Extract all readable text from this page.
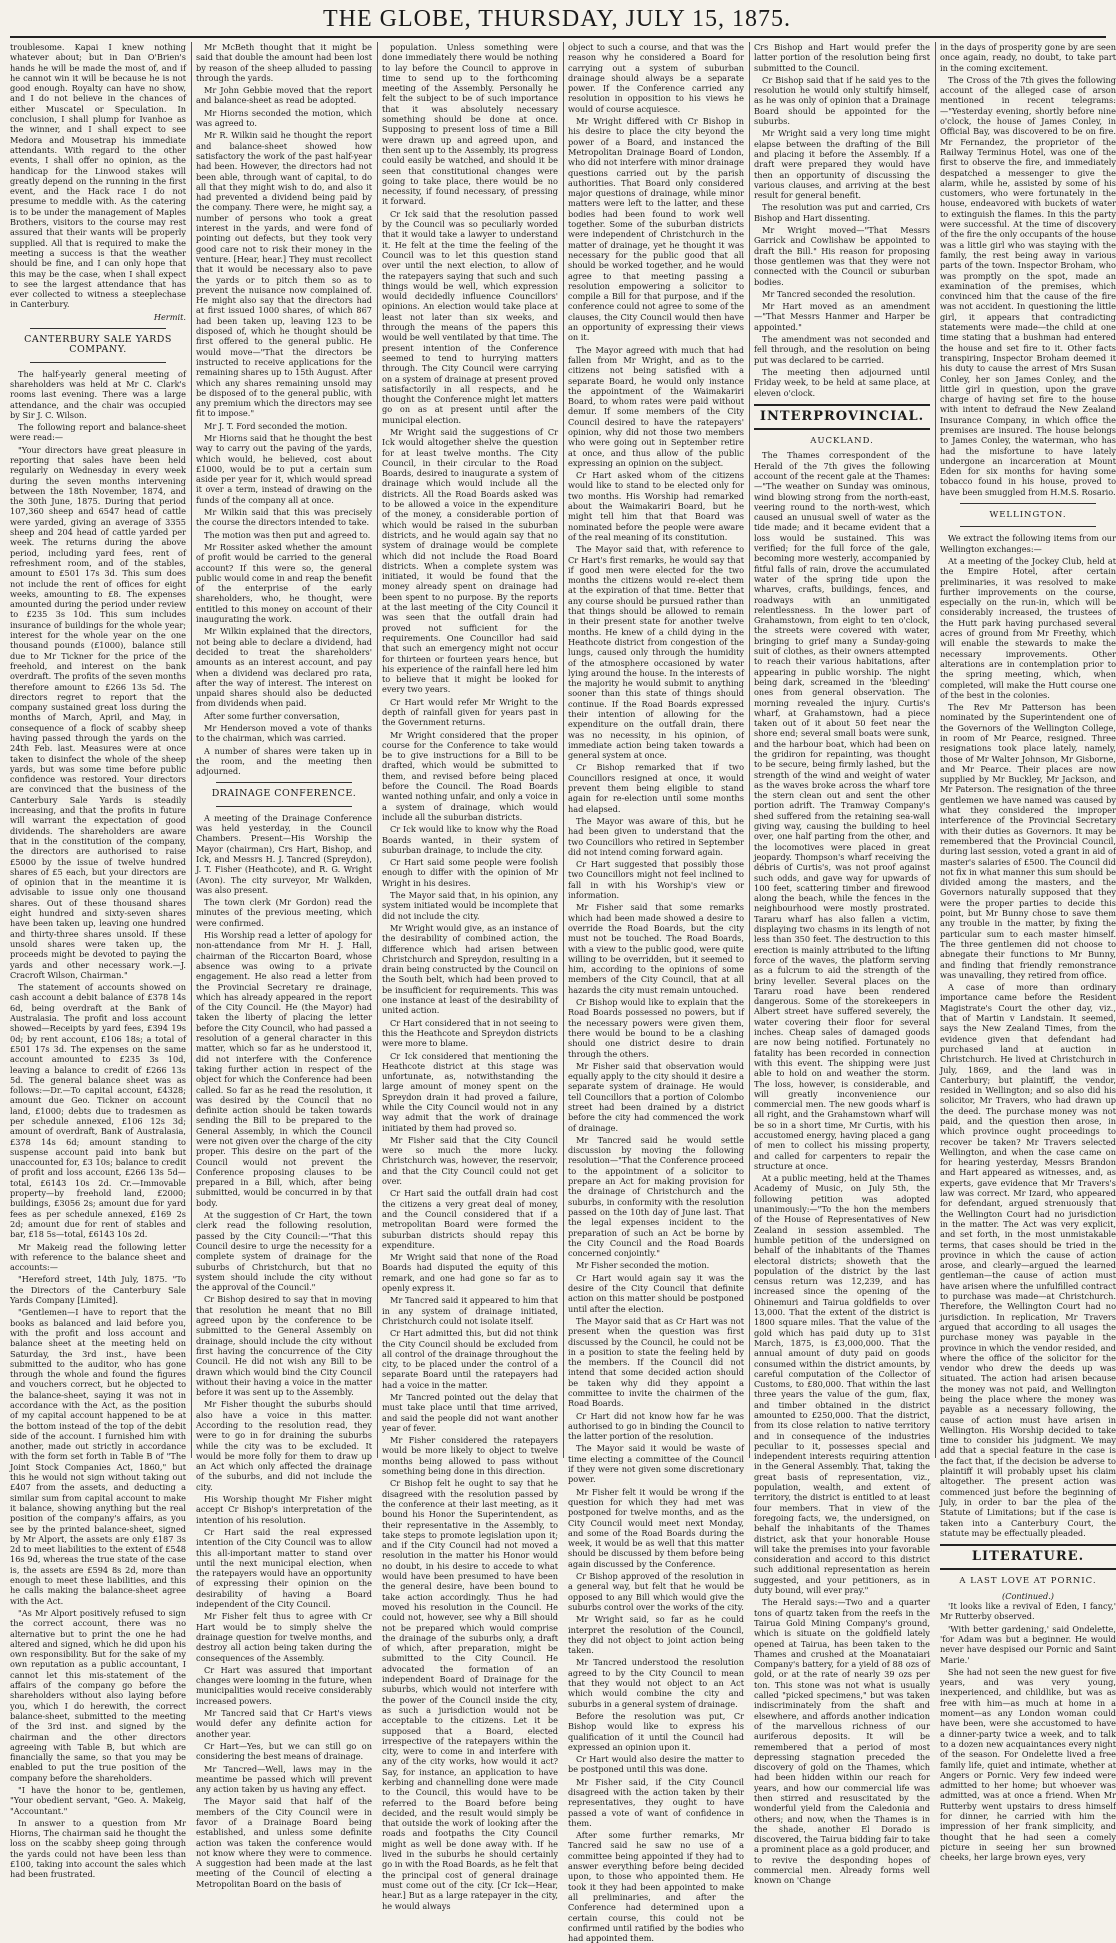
THE GLOBE, THURSDAY, JULY 15, 1875.

troublesome. Kapai I knew nothing whatever about; but in Dan O'Brien's hands he will be made the most of, and if he cannot win it will be because he is not good enough. Royalty can have no show, and I do not believe in the chances of either Muscatel or Speculation. In conclusion, I shall plump for Ivanhoe as the winner, and I shall expect to see Medora and Mousetrap his immediate attendants. With regard to the other events, I shall offer no opinion, as the handicap for the Linwood stakes will greatly depend on the running in the first event, and the Hack race I do not presume to meddle with. As the catering is to be under the management of Maples Brothers, visitors to the course may rest assured that their wants will be properly supplied. All that is required to make the meeting a success is that the weather should be fine, and I can only hope that this may be the case, when I shall expect to see the largest attendance that has ever collected to witness a steeplechase in Canterbury.

Hermit.
CANTERBURY SALE YARDS COMPANY.

The half-yearly general meeting of shareholders was held at Mr C. Clark's rooms last evening. There was a large attendance, and the chair was occupied by Sir J. C. Wilson.

The following report and balance-sheet were read:—

"Your directors have great pleasure in reporting that sales have been held regularly on Wednesday in every week during the seven months intervening between the 18th November, 1874, and the 30th June, 1875. During that period 107,360 sheep and 6547 head of cattle were yarded, giving an average of 3355 sheep and 204 head of cattle yarded per week. The returns during the above period, including yard fees, rent of refreshment room, and of the stables, amount to £501 17s 3d. This sum does not include the rent of offices for eight weeks, amounting to £8. The expenses amounted during the period under review to £235 3s 10d. This sum includes insurance of buildings for the whole year; interest for the whole year on the one thousand pounds (£1000), balance still due to Mr Tickner for the price of the freehold, and interest on the bank overdraft. The profits of the seven months therefore amount to £266 13s 5d. The directors regret to report that the company sustained great loss during the months of March, April, and May, in consequence of a flock of scabby sheep having passed through the yards on the 24th Feb. last. Measures were at once taken to disinfect the whole of the sheep yards, but was some time before public confidence was restored. Your directors are convinced that the business of the Canterbury Sale Yards is steadily increasing, and that the profits in future will warrant the expectation of good dividends. The shareholders are aware that in the constitution of the company, the directors are authorised to raise £5000 by the issue of twelve hundred shares of £5 each, but your directors are of opinion that in the meantime it is advisable to issue only one thousand shares. Out of these thousand shares eight hundred and sixty-seven shares have been taken up, leaving one hundred and thirty-three shares unsold. If these unsold shares were taken up, the proceeds might be devoted to paying the yards and other necessary work.—J. Cracroft Wilson, Chairman."

The statement of accounts showed on cash account a debit balance of £378 14s 6d, being overdraft at the Bank of Australasia. The profit and loss account showed—Receipts by yard fees, £394 19s 0d; by rent account, £106 18s; a total of £501 17s 3d. The expenses on the same account amounted to £235 3s 10d, leaving a balance to credit of £266 13s 5d. The general balance sheet was as follows:—Dr.—To capital account, £4328; amount due Geo. Tickner on account land, £1000; debts due to tradesmen as per schedule annexed, £106 12s 3d; amount of overdraft, Bank of Australasia, £378 14s 6d; amount standing to suspense account paid into bank but unaccounted for, £3 10s; balance to credit of profit and loss account, £266 13s 5d—total, £6143 10s 2d. Cr.—Immovable property—by freehold land, £2000; buildings, £3056 2s; amount due for yard fees as per schedule annexed, £169 2s 2d; amount due for rent of stables and bar, £18 5s—total, £6143 10s 2d.

Mr Makeig read the following letter with reference to the balance sheet and accounts:—

"Hereford street, 14th July, 1875. "To the Directors of the Canterbury Sale Yards Company [Limited].

"Gentlemen—I have to report that the books as balanced and laid before you, with the profit and loss account and balance sheet at the meeting held on Saturday, the 3rd inst., have been submitted to the auditor, who has gone through the whole and found the figures and vouchers correct, but he objected to the balance-sheet, saying it was not in accordance with the Act, as the position of my capital account happened to be at the bottom instead of the top of the debit side of the account. I furnished him with another, made out strictly in accordance with the form set forth in Table B of "The Joint Stock Companies Act, 1860," but this he would not sign without taking out £407 from the assets, and deducting a similar sum from capital account to make it balance, showing anything but the real position of the company's affairs, as you see by the printed balance-sheet, signed by Mr Alport, the assets are only £187 3s 2d to meet liabilities to the extent of £548 16s 9d, whereas the true state of the case is, the assets are £594 8s 2d, more than enough to meet these liabilities, and this he calls making the balance-sheet agree with the Act.

"As Mr Alport positively refused to sign the correct account, there was no alternative but to print the one he had altered and signed, which he did upon his own responsibility. But for the sake of my own reputation as a public accountant, I cannot let this mis-statement of the affairs of the company go before the shareholders without also laying before you, which I do herewith, the correct balance-sheet, submitted to the meeting of the 3rd inst. and signed by the chairman and the other directors agreeing with Table B, but which are financially the same, so that you may be enabled to put the true position of the company before the shareholders.

"I have the honor to be, gentlemen, "Your obedient servant, "Geo. A. Makeig, "Accountant."

In answer to a question from Mr Hiorns, The chairman said he thought the loss on the scabby sheep going through the yards could not have been less than £100, taking into account the sales which had been frustrated.

Mr McBeth thought that it might be said that double the amount had been lost by reason of the sheep alluded to passing through the yards.

Mr John Gebbie moved that the report and balance-sheet as read be adopted.

Mr Hiorns seconded the motion, which was agreed to.

Mr R. Wilkin said he thought the report and balance-sheet showed how satisfactory the work of the past half-year had been. However, the directors had not been able, through want of capital, to do all that they might wish to do, and also it had prevented a dividend being paid by the company. There were, he might say, a number of persons who took a great interest in the yards, and were fond of pointing out defects, but they took very good care not to risk their money in the venture. [Hear, hear.] They must recollect that it would be necessary also to pave the yards or to pitch them so as to prevent the nuisance now complained of. He might also say that the directors had at first issued 1000 shares, of which 867 had been taken up, leaving 123 to be disposed of, which he thought should be first offered to the general public. He would move—"That the directors be instructed to receive applications for the remaining shares up to 15th August. After which any shares remaining unsold may be disposed of to the general public, with any premium which the directors may see fit to impose."

Mr J. T. Ford seconded the motion.

Mr Hiorns said that he thought the best way to carry out the paving of the yards, which would, he believed, cost about £1000, would be to put a certain sum aside per year for it, which would spread it over a term, instead of drawing on the funds of the company all at once.

Mr Wilkin said that this was precisely the course the directors intended to take.

The motion was then put and agreed to.

Mr Rossiter asked whether the amount of profit would be carried to the general account? If this were so, the general public would come in and reap the benefit of the enterprise of the early shareholders, who, he thought, were entitled to this money on account of their inaugurating the work.

Mr Wilkin explained that the directors, not being able to declare a dividend, had decided to treat the shareholders' amounts as an interest account, and pay when a dividend was declared pro rata, after the way of interest. The interest on unpaid shares should also be deducted from dividends when paid.

After some further conversation,

Mr Henderson moved a vote of thanks to the chairman, which was carried.

A number of shares were taken up in the room, and the meeting then adjourned.

DRAINAGE CONFERENCE.

A meeting of the Drainage Conference was held yesterday, in the Council Chambers. Present—His Worship the Mayor (chairman), Crs Hart, Bishop, and Ick, and Messrs H. J. Tancred (Spreydon), J. T. Fisher (Heathcote), and R. G. Wright (Avon). The city surveyor, Mr Walkden, was also present.

The town clerk (Mr Gordon) read the minutes of the previous meeting, which were confirmed.

His Worship read a letter of apology for non-attendance from Mr H. J. Hall, chairman of the Riccarton Board, whose absence was owing to a private engagement. He also read a letter from the Provincial Secretary re drainage, which has already appeared in the report of the City Council. He (the Mayor) had taken the liberty of placing the letter before the City Council, who had passed a resolution of a general character in this matter, which so far as he understood it, did not interfere with the Conference taking further action in respect of the object for which the Conference had been called. So far as he read the resolution, it was desired by the Council that no definite action should be taken towards sending the Bill to be prepared to the General Assembly, in which the Council were not given over the charge of the city proper. This desire on the part of the Council would not prevent the Conference proposing clauses to be prepared in a Bill, which, after being submitted, would be concurred in by that body.

At the suggestion of Cr Hart, the town clerk read the following resolution, passed by the City Council:—"That this Council desire to urge the necessity for a complete system of drainage for the suburbs of Christchurch, but that no system should include the city without the approval of the Council."

Cr Bishop desired to say that in moving that resolution he meant that no Bill agreed upon by the conference to be submitted to the General Assembly on drainage, should include the city without first having the concurrence of the City Council. He did not wish any Bill to be drawn which would bind the City Council without their having a voice in the matter before it was sent up to the Assembly.

Mr Fisher thought the suburbs should also have a voice in this matter. According to the resolution read, they were to go in for draining the suburbs while the city was to be excluded. It would be more folly for them to draw up an Act which only affected the drainage of the suburbs, and did not include the city.

His Worship thought Mr Fisher might accept Cr Bishop's interpretation of the intention of his resolution.

Cr Hart said the real expressed intention of the City Council was to allow this all-important matter to stand over until the next municipal election, when the ratepayers would have an opportunity of expressing their opinion on the desirability of having a Board independent of the City Council.

Mr Fisher felt thus to agree with Cr Hart would be to simply shelve the drainage question for twelve months, and destroy all action being taken during the consequences of the Assembly.

Cr Hart was assured that important changes were looming in the future, when municipalities would receive considerably increased powers.

Mr Tancred said that Cr Hart's views would defer any definite action for another year.

Cr Hart—Yes, but we can still go on considering the best means of drainage.

Mr Tancred—Well, laws may in the meantime be passed which will prevent any action taken by us having any effect.

The Mayor said that half of the members of the City Council were in favor of a Drainage Board being established, and unless some definite action was taken the conference would not know where they were to commence. A suggestion had been made at the last meeting of the Council of electing a Metropolitan Board on the basis of

population. Unless something were done immediately there would be nothing to lay before the Council to approve in time to send up to the forthcoming meeting of the Assembly. Personally he felt the subject to be of such importance that it was absolutely necessary something should be done at once. Supposing to present loss of time a Bill were drawn up and agreed upon, and then sent up to the Assembly, its progress could easily be watched, and should it be seen that constitutional changes were going to take place, there would be no necessity, if found necessary, of pressing it forward.

Cr Ick said that the resolution passed by the Council was so peculiarly worded that it would take a lawyer to understand it. He felt at the time the feeling of the Council was to let this question stand over until the next election, to allow of the ratepayers saying that such and such things would be well, which expression would decidedly influence Councillors' opinions. An election would take place at least not later than six weeks, and through the means of the papers this would be well ventilated by that time. The present intention of the Conference seemed to tend to hurrying matters through. The City Council were carrying on a system of drainage at present proved satisfactorily in all respects, and he thought the Conference might let matters go on as at present until after the municipal election.

Mr Wright said the suggestions of Cr Ick would altogether shelve the question for at least twelve months. The City Council, in their circular to the Road Boards, desired to inaugurate a system of drainage which would include all the districts. All the Road Boards asked was to be allowed a voice in the expenditure of the money, a considerable portion of which would be raised in the suburban districts, and he would again say that no system of drainage would be complete which did not include the Road Board districts. When a complete system was initiated, it would be found that the money already spent on drainage had been spent to no purpose. By the reports at the last meeting of the City Council it was seen that the outfall drain had proved not sufficient for the requirements. One Councillor had said that such an emergency might not occur for thirteen or fourteen years hence, but his experience of the rainfall here led him to believe that it might be looked for every two years.

Cr Hart would refer Mr Wright to the depth of rainfall given for years past in the Government returns.

Mr Wright considered that the proper course for the Conference to take would be to give instructions for a Bill to be drafted, which would be submitted to them, and revised before being placed before the Council. The Road Boards wanted nothing unfair, and only a voice in a system of drainage, which would include all the suburban districts.

Cr Ick would like to know why the Road Boards wanted, in their system of suburban drainage, to include the city.

Cr Hart said some people were foolish enough to differ with the opinion of Mr Wright in his desires.

The Mayor said that, in his opinion, any system initiated would be incomplete that did not include the city.

Mr Wright would give, as an instance of the desirability of combined action, the difference which had arisen between Christchurch and Spreydon, resulting in a drain being constructed by the Council on the South belt, which had been proved to be insufficient for requirements. This was one instance at least of the desirability of united action.

Cr Hart considered that in not seeing to this the Heathcote and Spreydon districts were more to blame.

Cr Ick considered that mentioning the Heathcote district at this stage was unfortunate, as, notwithstanding the large amount of money spent on the Spreydon drain it had proved a failure, while the City Council would not in any way admit that the work of drainage initiated by them had proved so.

Mr Fisher said that the City Council were so much the more lucky. Christchurch was, however, the reservoir, and that the City Council could not get over.

Cr Hart said the outfall drain had cost the citizens a very great deal of money, and the Council considered that if a metropolitan Board were formed the suburban districts should repay this expenditure.

Mr Wright said that none of the Road Boards had disputed the equity of this remark, and one had gone so far as to openly express it.

Mr Tancred said it appeared to him that in any system of drainage initiated, Christchurch could not isolate itself.

Cr Hart admitted this, but did not think the City Council should be excluded from all control of the drainage throughout the city, to be placed under the control of a separate Board until the ratepayers had had a voice in the matter.

Mr Tancred pointed out the delay that must take place until that time arrived, and said the people did not want another year of fever.

Mr Fisher considered the ratepayers would be more likely to object to twelve months being allowed to pass without something being done in this direction.

Cr Bishop felt he ought to say that he disagreed with the resolution passed by the conference at their last meeting, as it bound his Honor the Superintendent, as their representative in the Assembly, to take steps to promote legislation upon it; and if the City Council had not moved a resolution in the matter his Honor would no doubt, in his desire to accede to what would have been presumed to have been the general desire, have been bound to take action accordingly. Thus he had moved his resolution in the Council. He could not, however, see why a Bill should not be prepared which would comprise the drainage of the suburbs only, a draft of which, after preparation, might be submitted to the City Council. He advocated the formation of an independent Board of Drainage for the suburbs, which would not interfere with the power of the Council inside the city, as such a jurisdiction would not be acceptable to the citizens. Let it be supposed that a Board, elected irrespective of the ratepayers within the city, were to come in and interfere with any of the city works, how would it act? Say, for instance, an application to have kerbing and channelling done were made to the Council, this would have to be referred to the Board before being decided, and the result would simply be that outside the work of looking after the roads and footpaths the City Council might as well be done away with. If he lived in the suburbs he should certainly go in with the Road Boards, as he felt that the principal cost of general drainage must come out of the city. [Cr Ick—Hear, hear.] But as a large ratepayer in the city, he would always

object to such a course, and that was the reason why he considered a Board for carrying out a system of suburban drainage should always be a separate power. If the Conference carried any resolution in opposition to his views he would of course acquiesce.

Mr Wright differed with Cr Bishop in his desire to place the city beyond the power of a Board, and instanced the Metropolitan Drainage Board of London, who did not interfere with minor drainage questions carried out by the parish authorities. That Board only considered major questions of drainage, while minor matters were left to the latter, and these bodies had been found to work well together. Some of the suburban districts were independent of Christchurch in the matter of drainage, yet he thought it was necessary for the public good that all should be worked together, and he would agree to that meeting passing a resolution empowering a solicitor to compile a Bill for that purpose, and if the conference could not agree to some of the clauses, the City Council would then have an opportunity of expressing their views on it.

The Mayor agreed with much that had fallen from Mr Wright, and as to the citizens not being satisfied with a separate Board, he would only instance the appointment of the Waimakariri Board, to whom rates were paid without demur. If some members of the City Council desired to have the ratepayers' opinion, why did not those two members who were going out in September retire at once, and thus allow of the public expressing an opinion on the subject.

Cr Hart asked whom of the citizens would like to stand to be elected only for two months. His Worship had remarked about the Waimakariri Board, but he might tell him that that Board was nominated before the people were aware of the real meaning of its constitution.

The Mayor said that, with reference to Cr Hart's first remarks, he would say that if good men were elected for the two months the citizens would re-elect them at the expiration of that time. Better that any course should be pursued rather than that things should be allowed to remain in their present state for another twelve months. He knew of a child dying in the Heathcote district from congestion of the lungs, caused only through the humidity of the atmosphere occasioned by water lying around the house. In the interests of the majority he would submit to anything sooner than this state of things should continue. If the Road Boards expressed their intention of allowing for the expenditure on the outfall drain, there was no necessity, in his opinion, of immediate action being taken towards a general system at once.

Cr Bishop remarked that if two Councillors resigned at once, it would prevent them being eligible to stand again for re-election until some months had elapsed.

The Mayor was aware of this, but he had been given to understand that the two Councillors who retired in September did not intend coming forward again.

Cr Hart suggested that possibly those two Councillors might not feel inclined to fall in with his Worship's view or information.

Mr Fisher said that some remarks which had been made showed a desire to override the Road Boards, but the city must not be touched. The Road Boards, with a view to the public good, were quite willing to be overridden, but it seemed to him, according to the opinions of some members of the City Council, that at all hazards the city must remain untouched.

Cr Bishop would like to explain that the Road Boards possessed no powers, but if the necessary powers were given them, there would be bound to be a clashing should one district desire to drain through the others.

Mr Fisher said that observation would equally apply to the city should it desire a separate system of drainage. He would tell Councillors that a portion of Colombo street had been drained by a district before the city had commenced the work of drainage.

Mr Tancred said he would settle discussion by moving the following resolution—"That the Conference proceed to the appointment of a solicitor to prepare an Act for making provision for the drainage of Christchurch and the suburbs, in conformity with the resolution passed on the 10th day of June last. That the legal expenses incident to the preparation of such an Act be borne by the City Council and the Road Boards concerned conjointly."

Mr Fisher seconded the motion.

Cr Hart would again say it was the desire of the City Council that definite action on this matter should be postponed until after the election.

The Mayor said that as Cr Hart was not present when the question was first discussed by the Council, he could not be in a position to state the feeling held by the members. If the Council did not intend that some decided action should be taken why did they appoint a committee to invite the chairmen of the Road Boards.

Cr Hart did not know how far he was authorised to go in binding the Council to the latter portion of the resolution.

The Mayor said it would be waste of time electing a committee of the Council if they were not given some discretionary power.

Mr Fisher felt it would be wrong if the question for which they had met was postponed for twelve months, and as the City Council would meet next Monday, and some of the Road Boards during the week, it would be as well that this matter should be discussed by them before being again discussed by the Conference.

Cr Bishop approved of the resolution in a general way, but felt that he would be opposed to any Bill which would give the suburbs control over the works of the city.

Mr Wright said, so far as he could interpret the resolution of the Council, they did not object to joint action being taken.

Mr Tancred understood the resolution agreed to by the City Council to mean that they would not object to an Act which would combine the city and suburbs in a general system of drainage.

Before the resolution was put, Cr Bishop would like to express his qualification of it until the Council had expressed an opinion upon it.

Cr Hart would also desire the matter to be postponed until this was done.

Mr Fisher said, if the City Council disagreed with the action taken by their representatives, they ought to have passed a vote of want of confidence in them.

After some further remarks, Mr Tancred said he saw no use of a committee being appointed if they had to answer everything before being decided upon, to those who appointed them. He took it they had been appointed to make all preliminaries, and after the Conference had determined upon a certain course, this could not be confirmed until ratified by the bodies who had appointed them.

Crs Bishop and Hart would prefer the latter portion of the resolution being first submitted to the Council.

Cr Bishop said that if he said yes to the resolution he would only stultify himself, as he was only of opinion that a Drainage Board should be appointed for the suburbs.

Mr Wright said a very long time might elapse between the drafting of the Bill and placing it before the Assembly. If a draft were prepared they would have then an opportunity of discussing the various clauses, and arriving at the best result for general benefit.

The resolution was put and carried, Crs Bishop and Hart dissenting.

Mr Wright moved—"That Messrs Garrick and Cowlishaw be appointed to draft the Bill." His reason for proposing those gentlemen was that they were not connected with the Council or suburban bodies.

Mr Tancred seconded the resolution.

Mr Hart moved as an amendment—"That Messrs Hanmer and Harper be appointed."

The amendment was not seconded and fell through, and the resolution on being put was declared to be carried.

The meeting then adjourned until Friday week, to be held at same place, at eleven o'clock.

INTERPROVINCIAL.
AUCKLAND.

The Thames correspondent of the Herald of the 7th gives the following account of the recent gale at the Thames:—"The weather on Sunday was ominous, wind blowing strong from the north-east, veering round to the north-west, which caused an unusual swell of water as the tide made; and it became evident that a loss would be sustained. This was verified; for the full force of the gale, becoming more westerly, accompanied by fitful falls of rain, drove the accumulated water of the spring tide upon the wharves, crafts, buildings, fences, and roadways with an unmitigated relentlessness. In the lower part of Grahamstown, from eight to ten o'clock, the streets were covered with water, bringing to grief many a Sunday-going suit of clothes, as their owners attempted to reach their various habitations, after appearing in public worship. The night being dark, screamed in the 'bleeding' ones from general observation. The morning revealed the injury. Curtis's wharf, at Grahamstown, had a piece taken out of it about 50 feet near the shore end; several small boats were sunk, and the harbour boat, which had been on the gridiron for repainting, was thought to be secure, being firmly lashed, but the strength of the wind and weight of water as the waves broke across the wharf tore the stern clean out and sent the other portion adrift. The Tramway Company's shed suffered from the retaining sea-wall giving way, causing the building to heel over, one half parting from the other, and the locomotives were placed in great jeopardy. Thompson's wharf receiving the débris of Curtis's, was not proof against such odds, and gave way for upwards of 100 feet, scattering timber and firewood along the beach, while the fences in the neighbourhood were mostly prostrated. Tararu wharf has also fallen a victim, displaying two chasms in its length of not less than 350 feet. The destruction to this erection is mainly attributed to the lifting force of the waves, the platform serving as a fulcrum to aid the strength of the briny leveller. Several places on the Tararu road have been rendered dangerous. Some of the storekeepers in Albert street have suffered severely, the water covering their floor for several inches. Cheap sales of damaged goods are now being notified. Fortunately no fatality has been recorded in connection with this event. The shipping were just able to hold on and weather the storm. The loss, however, is considerable, and will greatly inconvenience our commercial men. The new goods wharf is all right, and the Grahamstown wharf will be so in a short time, Mr Curtis, with his accustomed energy, having placed a gang of men to collect his missing property, and called for carpenters to repair the structure at once.

At a public meeting, held at the Thames Academy of Music, on July 5th, the following petition was adopted unanimously:—"To the hon the members of the House of Representatives of New Zealand in session assembled. The humble petition of the undersigned on behalf of the inhabitants of the Thames electoral districts; showeth that the population of the district by the last census return was 12,239, and has increased since the opening of the Ohinemuri and Tairua goldfields to over 13,000. That the extent of the district is 1800 square miles. That the value of the gold which has paid duty up to 31st March, 1875, is £3,000,000. That the annual amount of duty paid on goods consumed within the district amounts, by careful computation of the Collector of Customs, to £80,000. That within the last three years the value of the gum, flax, and timber obtained in the district amounted to £250,000. That the district, from its close relation to native territory and in consequence of the industries peculiar to it, possesses special and independent interests requiring attention in the General Assembly. That, taking the great basis of representation, viz., population, wealth, and extent of territory, the district is entitled to at least four members. That in view of the foregoing facts, we, the undersigned, on behalf the inhabitants of the Thames district, ask that your honorable House will take the premises into your favorable consideration and accord to this district such additional representation as herein suggested, and your petitioners, as in duty bound, will ever pray."

The Herald says:—Two and a quarter tons of quartz taken from the reefs in the Tairua Gold Mining Company's ground, which is situate on the goldfield lately opened at Tairua, has been taken to the Thames and crushed at the Moanataiari Company's battery, for a yield of 88 ozs of gold, or at the rate of nearly 39 ozs per ton. This stone was not what is usually called "picked specimens," but was taken indiscriminately from the shaft and elsewhere, and affords another indication of the marvellous richness of our auriferous deposits. It will be remembered that a period of most depressing stagnation preceded the discovery of gold on the Thames, which had been hidden within our reach for years, and how our commercial life was then stirred and resuscitated by the wonderful yield from the Caledonia and others; and now, when the Thames is in the shade, another El Dorado is discovered, the Tairua bidding fair to take a prominent place as a gold producer, and to revive the desponding hopes of commercial men. Already forms well known on 'Change

in the days of prosperity gone by are seen once again, ready, no doubt, to take part in the coming excitement.

The Cross of the 7th gives the following account of the alleged case of arson mentioned in recent telegrams:—"Yesterday evening, shortly before nine o'clock, the house of James Conley, in Official Bay, was discovered to be on fire. Mr Fernandez, the proprietor of the Railway Terminus Hotel, was one of the first to observe the fire, and immediately despatched a messenger to give the alarm, while he, assisted by some of his customers, who were fortunately in the house, endeavored with buckets of water to extinguish the flames. In this the party were successful. At the time of discovery of the fire the only occupants of the house was a little girl who was staying with the family, the rest being away in various parts of the town. Inspector Broham, who was promptly on the spot, made an examination of the premises, which convinced him that the cause of the fire was not accident. In questioning the little girl, it appears that contradicting statements were made—the child at one time stating that a bushman had entered the house and set fire to it. Other facts transpiring, Inspector Broham deemed it his duty to cause the arrest of Mrs Susan Conley, her son James Conley, and the little girl in question, upon the grave charge of having set fire to the house with intent to defraud the New Zealand Insurance Company, in which office the premises are insured. The house belongs to James Conley, the waterman, who has had the misfortune to have lately undergone an incarceration at Mount Eden for six months for having some tobacco found in his house, proved to have been smuggled from H.M.S. Rosario.

WELLINGTON.

We extract the following items from our Wellington exchanges:—

At a meeting of the Jockey Club, held at the Empire Hotel, after certain preliminaries, it was resolved to make further improvements on the course, especially on the run-in, which will be considerably increased, the trustees of the Hutt park having purchased several acres of ground from Mr Freethy, which will enable the stewards to make the necessary improvements. Other alterations are in contemplation prior to the spring meeting, which, when completed, will make the Hutt course one of the best in the colonies.

The Rev Mr Patterson has been nominated by the Superintendent one of the Governors of the Wellington College, in room of Mr Pearce, resigned. Three resignations took place lately, namely, those of Mr Walter Johnson, Mr Gisborne, and Mr Pearce. Their places are now supplied by Mr Buckley, Mr Jackson, and Mr Paterson. The resignation of the three gentlemen we have named was caused by what they considered the improper interference of the Provincial Secretary with their duties as Governors. It may be remembered that the Provincial Council, during last session, voted a grant in aid of master's salaries of £500. The Council did not fix in what manner this sum should be divided among the masters, and the Governors naturally supposed that they were the proper parties to decide this point, but Mr Bunny chose to save them any trouble in the matter, by fixing the particular sum to each master himself. The three gentlemen did not choose to abnegate their functions to Mr Bunny, and finding that friendly remonstrance was unavailing, they retired from office.

A case of more than ordinary importance came before the Resident Magistrate's Court the other day, viz., that of Martin v Landstain. It seemed, says the New Zealand Times, from the evidence given that defendant had purchased land at auction in Christchurch. He lived at Christchurch in July, 1869, and the land was in Canterbury; but plaintiff, the vendor, resided in Wellington; and so also did his solicitor, Mr Travers, who had drawn up the deed. The purchase money was not paid, and the question then arose, in which province ought proceedings to recover be taken? Mr Travers selected Wellington, and when the case came on for hearing yesterday, Messrs Brandon and Hart appeared as witnesses, and, as experts, gave evidence that Mr Travers's law was correct. Mr Izard, who appeared for defendant, argued strenuously that the Wellington Court had no jurisdiction in the matter. The Act was very explicit, and set forth, in the most unmistakable terms, that cases should be tried in the province in which the cause of action arose, and clearly—argued the learned gentleman—the cause of action must have arisen where the unfulfilled contract to purchase was made—at Christchurch. Therefore, the Wellington Court had no jurisdiction. In replication, Mr Travers argued that according to all usages the purchase money was payable in the province in which the vendor resided, and where the office of the solicitor for the vendor who drew the deeds up was situated. The action had arisen because the money was not paid, and Wellington being the place where the money was payable as a necessary following, the cause of action must have arisen in Wellington. His Worship decided to take time to consider his judgment. We may add that a special feature in the case is the fact that, if the decision be adverse to plaintiff it will probably upset his claim altogether. The present action was commenced just before the beginning of July, in order to bar the plea of the Statute of Limitations; but if the case is taken into a Canterbury Court, the statute may be effectually pleaded.

LITERATURE.
A LAST LOVE AT PORNIC.
(Continued.)

'It looks like a revival of Eden, I fancy,' Mr Rutterby observed.

'With better gardening,' said Ondelette, 'for Adam was but a beginner. He would never have despised our Pornic and Saint Marie.'

She had not seen the new guest for five years, and was very young, inexperienced, and childlike, but was as free with him—as much at home in a moment—as any London woman could have been, were she accustomed to have a dinner-party twice a week, and to talk to a dozen new acquaintances every night of the season. For Ondelette lived a free family life, quiet and intimate, whether at Angers or Pornic. Very few indeed were admitted to her home; but whoever was admitted, was at once a friend. When Mr Rutterby went upstairs to dress himself for dinner, he carried with him the impression of her frank simplicity, and thought that he had seen a comely picture in seeing her sun browned cheeks, her large brown eyes, very
